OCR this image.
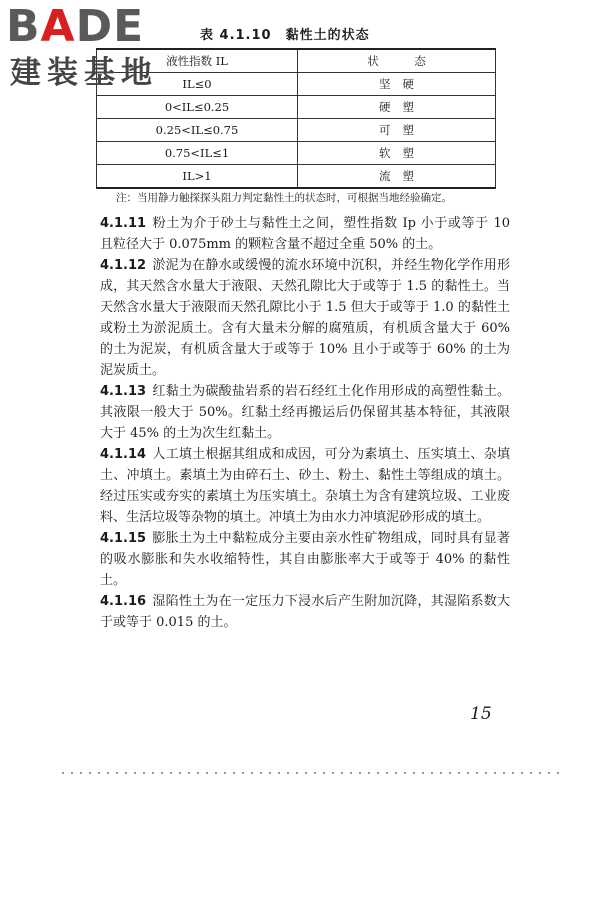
BADE
建装基地
表 4.1.10　黏性土的状态
液性指数 IL	状　态
IL≤0	坚硬
0<IL≤0.25	硬塑
0.25<IL≤0.75	可塑
0.75<IL≤1	软塑
IL>1	流塑
注：当用静力触探探头阻力判定黏性土的状态时，可根据当地经验确定。

4.1.11 粉土为介于砂土与黏性土之间，塑性指数 Ip 小于或等于 10 且粒径大于 0.075mm 的颗粒含量不超过全重 50% 的土。

4.1.12 淤泥为在静水或缓慢的流水环境中沉积，并经生物化学作用形成，其天然含水量大于液限、天然孔隙比大于或等于 1.5 的黏性土。当天然含水量大于液限而天然孔隙比小于 1.5 但大于或等于 1.0 的黏性土或粉土为淤泥质土。含有大量未分解的腐殖质，有机质含量大于 60% 的土为泥炭，有机质含量大于或等于 10% 且小于或等于 60% 的土为泥炭质土。

4.1.13 红黏土为碳酸盐岩系的岩石经红土化作用形成的高塑性黏土。其液限一般大于 50%。红黏土经再搬运后仍保留其基本特征，其液限大于 45% 的土为次生红黏土。

4.1.14 人工填土根据其组成和成因，可分为素填土、压实填土、杂填土、冲填土。素填土为由碎石土、砂土、粉土、黏性土等组成的填土。经过压实或夯实的素填土为压实填土。杂填土为含有建筑垃圾、工业废料、生活垃圾等杂物的填土。冲填土为由水力冲填泥砂形成的填土。

4.1.15 膨胀土为土中黏粒成分主要由亲水性矿物组成，同时具有显著的吸水膨胀和失水收缩特性，其自由膨胀率大于或等于 40% 的黏性土。

4.1.16 湿陷性土为在一定压力下浸水后产生附加沉降，其湿陷系数大于或等于 0.015 的土。

15
